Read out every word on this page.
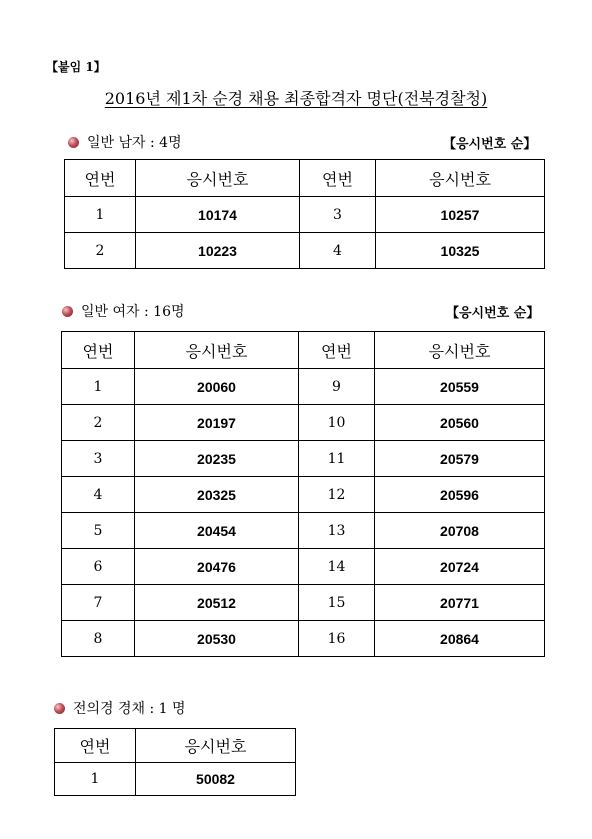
【붙임 1】
2016년 제1차 순경 채용 최종합격자 명단(전북경찰청)
일반 남자 : 4명	【응시번호 순】
연번	응시번호	연번	응시번호
1	10174	3	10257
2	10223	4	10325
일반 여자 : 16명	【응시번호 순】
연번	응시번호	연번	응시번호
1	20060	9	20559
2	20197	10	20560
3	20235	11	20579
4	20325	12	20596
5	20454	13	20708
6	20476	14	20724
7	20512	15	20771
8	20530	16	20864
전의경 경채 : 1 명
연번	응시번호
1	50082
